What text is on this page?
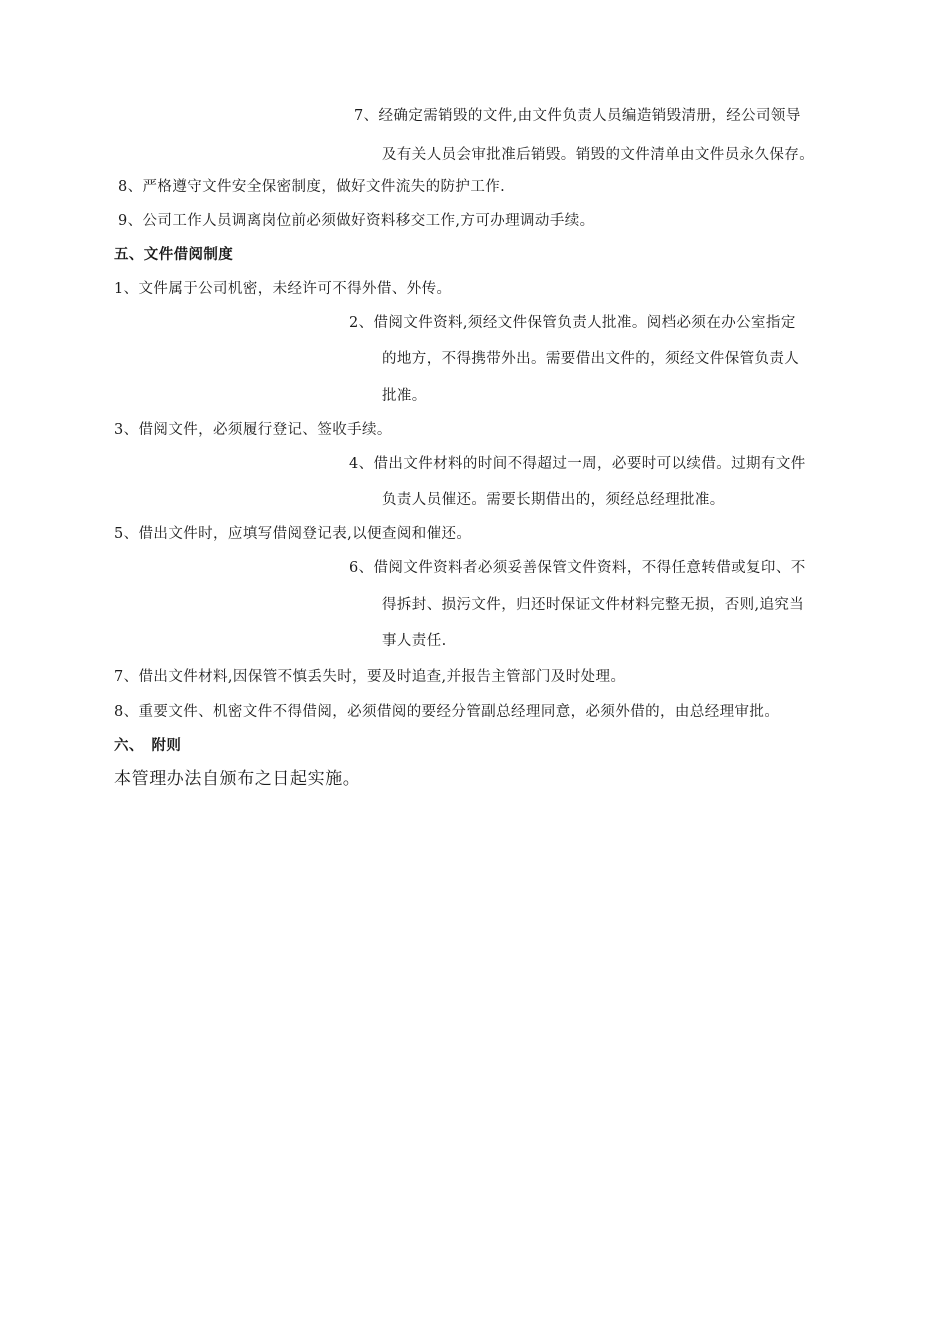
7、经确定需销毁的文件,由文件负责人员编造销毁清册，经公司领导
及有关人员会审批准后销毁。销毁的文件清单由文件员永久保存。
8、严格遵守文件安全保密制度，做好文件流失的防护工作.
9、公司工作人员调离岗位前必须做好资料移交工作,方可办理调动手续。
五、文件借阅制度
1、文件属于公司机密，未经许可不得外借、外传。
2、借阅文件资料,须经文件保管负责人批准。阅档必须在办公室指定
的地方，不得携带外出。需要借出文件的，须经文件保管负责人
批准。
3、借阅文件，必须履行登记、签收手续。
4、借出文件材料的时间不得超过一周，必要时可以续借。过期有文件
负责人员催还。需要长期借出的，须经总经理批准。
5、借出文件时，应填写借阅登记表,以便查阅和催还。
6、借阅文件资料者必须妥善保管文件资料，不得任意转借或复印、不
得拆封、损污文件，归还时保证文件材料完整无损，否则,追究当
事人责任.
7、借出文件材料,因保管不慎丢失时，要及时追查,并报告主管部门及时处理。
8、重要文件、机密文件不得借阅，必须借阅的要经分管副总经理同意，必须外借的，由总经理审批。
六、　附则
本管理办法自颁布之日起实施。
